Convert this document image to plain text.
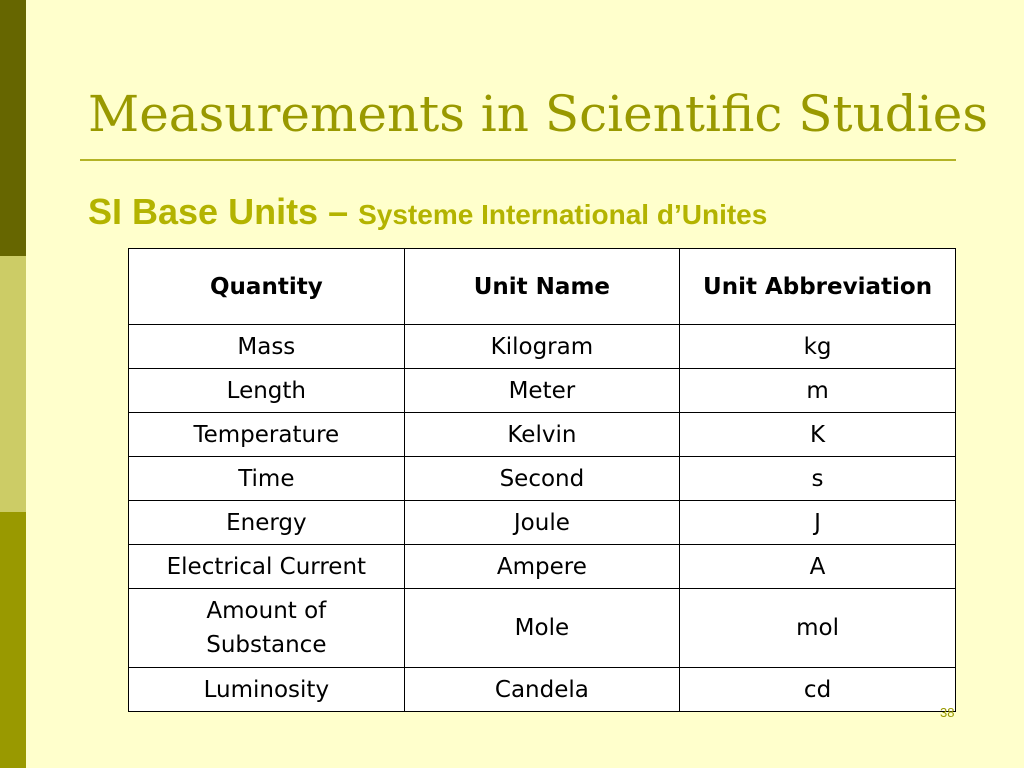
Measurements in Scientific Studies
SI Base Units – Systeme International d’Unites
Quantity	Unit Name	Unit Abbreviation
Mass	Kilogram	kg
Length	Meter	m
Temperature	Kelvin	K
Time	Second	s
Energy	Joule	J
Electrical Current	Ampere	A
Amount of Substance	Mole	mol
Luminosity	Candela	cd
38
